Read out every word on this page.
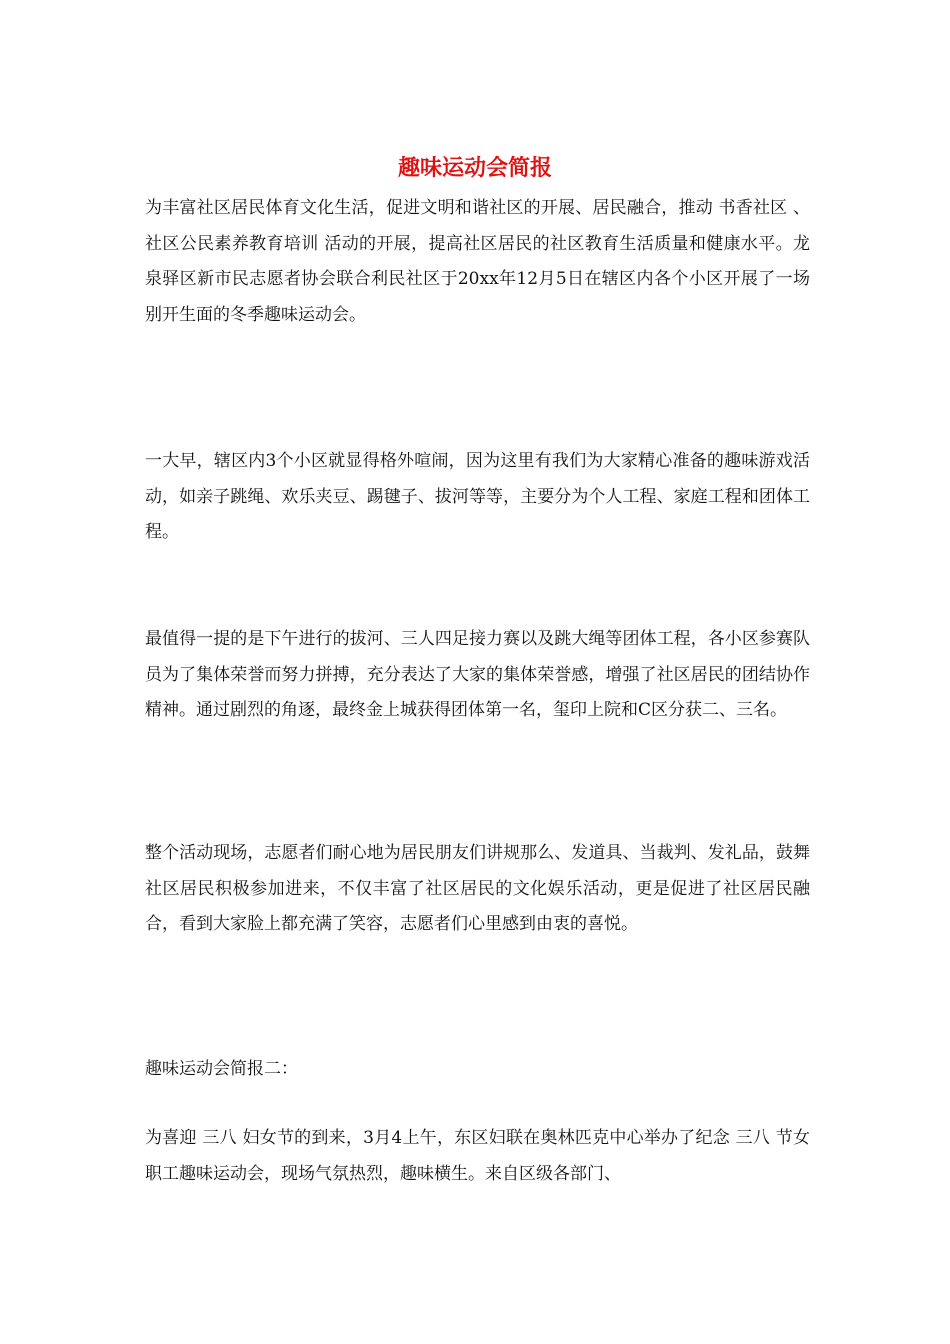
趣味运动会简报

为丰富社区居民体育文化生活，促进文明和谐社区的开展、居民融合，推动 书香社区 、 社区公民素养教育培训 活动的开展，提高社区居民的社区教育生活质量和健康水平。龙泉驿区新市民志愿者协会联合利民社区于20xx年12月5日在辖区内各个小区开展了一场别开生面的冬季趣味运动会。

一大早，辖区内3个小区就显得格外喧闹，因为这里有我们为大家精心准备的趣味游戏活动，如亲子跳绳、欢乐夹豆、踢毽子、拔河等等，主要分为个人工程、家庭工程和团体工程。

最值得一提的是下午进行的拔河、三人四足接力赛以及跳大绳等团体工程，各小区参赛队员为了集体荣誉而努力拼搏，充分表达了大家的集体荣誉感，增强了社区居民的团结协作精神。通过剧烈的角逐，最终金上城获得团体第一名，玺印上院和C区分获二、三名。

整个活动现场，志愿者们耐心地为居民朋友们讲规那么、发道具、当裁判、发礼品，鼓舞社区居民积极参加进来，不仅丰富了社区居民的文化娱乐活动，更是促进了社区居民融合，看到大家脸上都充满了笑容，志愿者们心里感到由衷的喜悦。

趣味运动会简报二：

为喜迎 三八 妇女节的到来，3月4上午，东区妇联在奥林匹克中心举办了纪念 三八 节女职工趣味运动会，现场气氛热烈，趣味横生。来自区级各部门、
